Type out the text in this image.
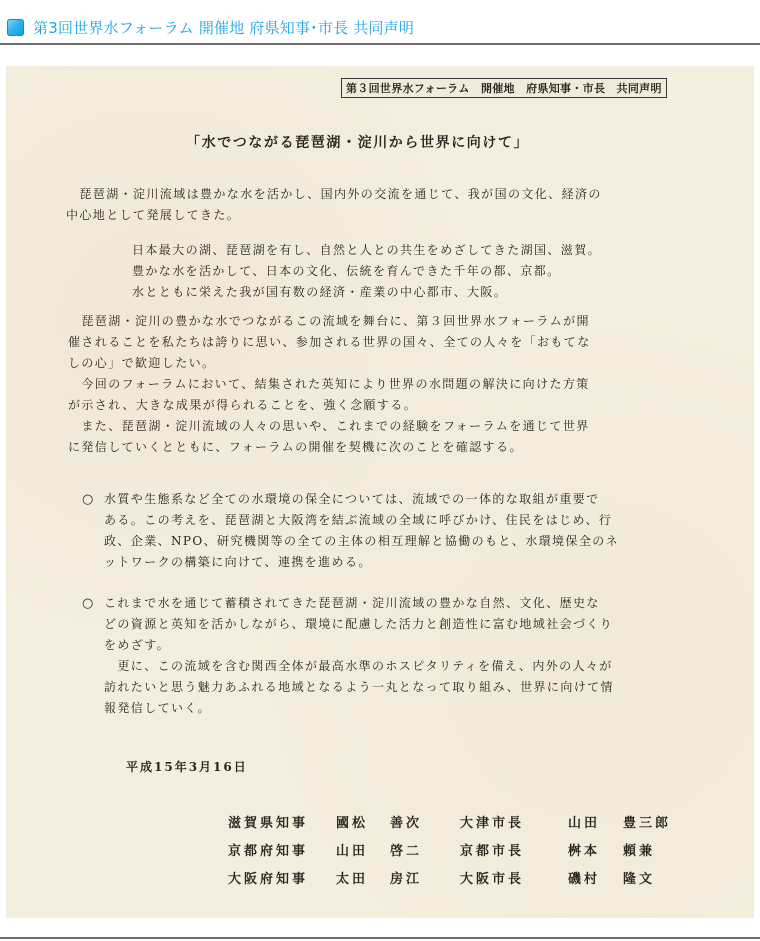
第3回世界水フォーラム 開催地 府県知事･市長 共同声明
第３回世界水フォーラム　開催地　府県知事・市長　共同声明
「水でつながる琵琶湖・淀川から世界に向けて」
　琵琶湖・淀川流域は豊かな水を活かし、国内外の交流を通じて、我が国の文化、経済の
中心地として発展してきた。
日本最大の湖、琵琶湖を有し、自然と人との共生をめざしてきた湖国、滋賀。
豊かな水を活かして、日本の文化、伝統を育んできた千年の都、京都。
水とともに栄えた我が国有数の経済・産業の中心都市、大阪。
　琵琶湖・淀川の豊かな水でつながるこの流域を舞台に、第３回世界水フォーラムが開
催されることを私たちは誇りに思い、参加される世界の国々、全ての人々を「おもてな
しの心」で歓迎したい。
　今回のフォーラムにおいて、結集された英知により世界の水問題の解決に向けた方策
が示され、大きな成果が得られることを、強く念願する。
　また、琵琶湖・淀川流域の人々の思いや、これまでの経験をフォーラムを通じて世界
に発信していくとともに、フォーラムの開催を契機に次のことを確認する。
○ 水質や生態系など全ての水環境の保全については、流域での一体的な取組が重要で
ある。この考えを、琵琶湖と大阪湾を結ぶ流域の全域に呼びかけ、住民をはじめ、行
政、企業、NPO、研究機関等の全ての主体の相互理解と協働のもと、水環境保全のネ
ットワークの構築に向けて、連携を進める。
○ これまで水を通じて蓄積されてきた琵琶湖・淀川流域の豊かな自然、文化、歴史な
どの資源と英知を活かしながら、環境に配慮した活力と創造性に富む地域社会づくり
をめざす。
　更に、この流域を含む関西全体が最高水準のホスピタリティを備え、内外の人々が
訪れたいと思う魅力あふれる地域となるよう一丸となって取り組み、世界に向けて情
報発信していく。
平成15年3月16日
滋賀県知事 國松 善次	大津市長	山田 豊三郎
京都府知事 山田 啓二	京都市長	桝本 頼兼
大阪府知事 太田 房江	大阪市長	磯村 隆文
